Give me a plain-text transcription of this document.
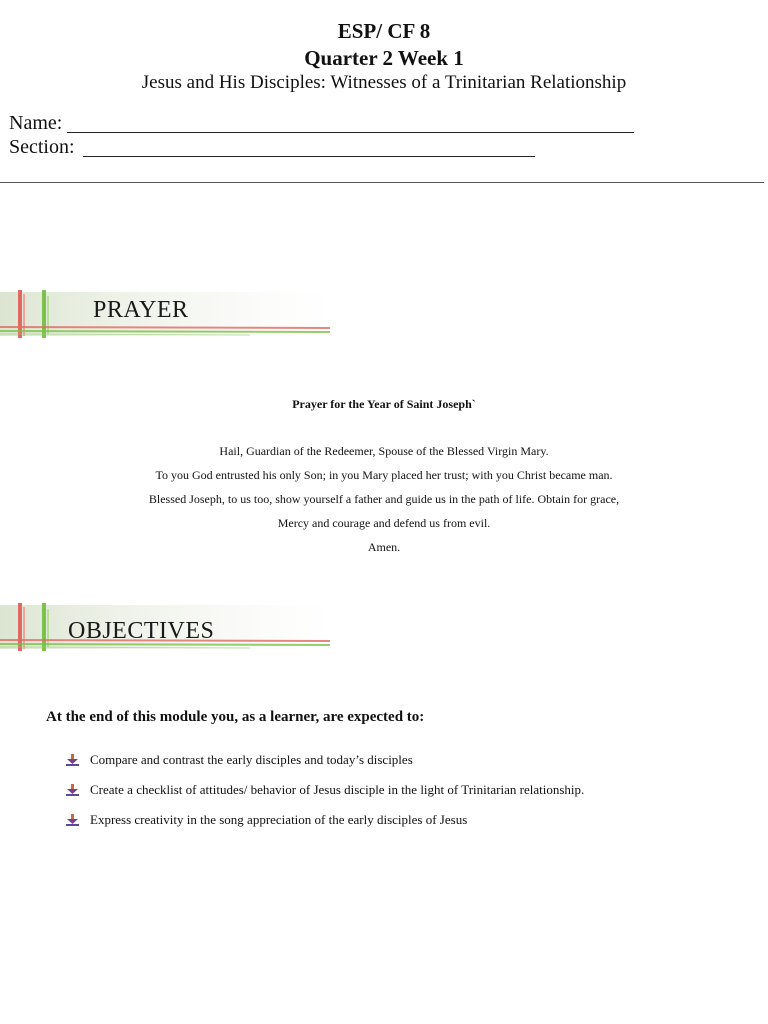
ESP/ CF 8
Quarter 2 Week 1
Jesus and His Disciples: Witnesses of a Trinitarian Relationship
Name:
Section:
PRAYER
Prayer for the Year of Saint Joseph`
Hail, Guardian of the Redeemer, Spouse of the Blessed Virgin Mary.
To you God entrusted his only Son; in you Mary placed her trust; with you Christ became man.
Blessed Joseph, to us too, show yourself a father and guide us in the path of life. Obtain for grace,
Mercy and courage and defend us from evil.
Amen.
OBJECTIVES
At the end of this module you, as a learner, are expected to:
Compare and contrast the early disciples and today’s disciples
Create a checklist of attitudes/ behavior of Jesus disciple in the light of Trinitarian relationship.
Express creativity in the song appreciation of the early disciples of Jesus
